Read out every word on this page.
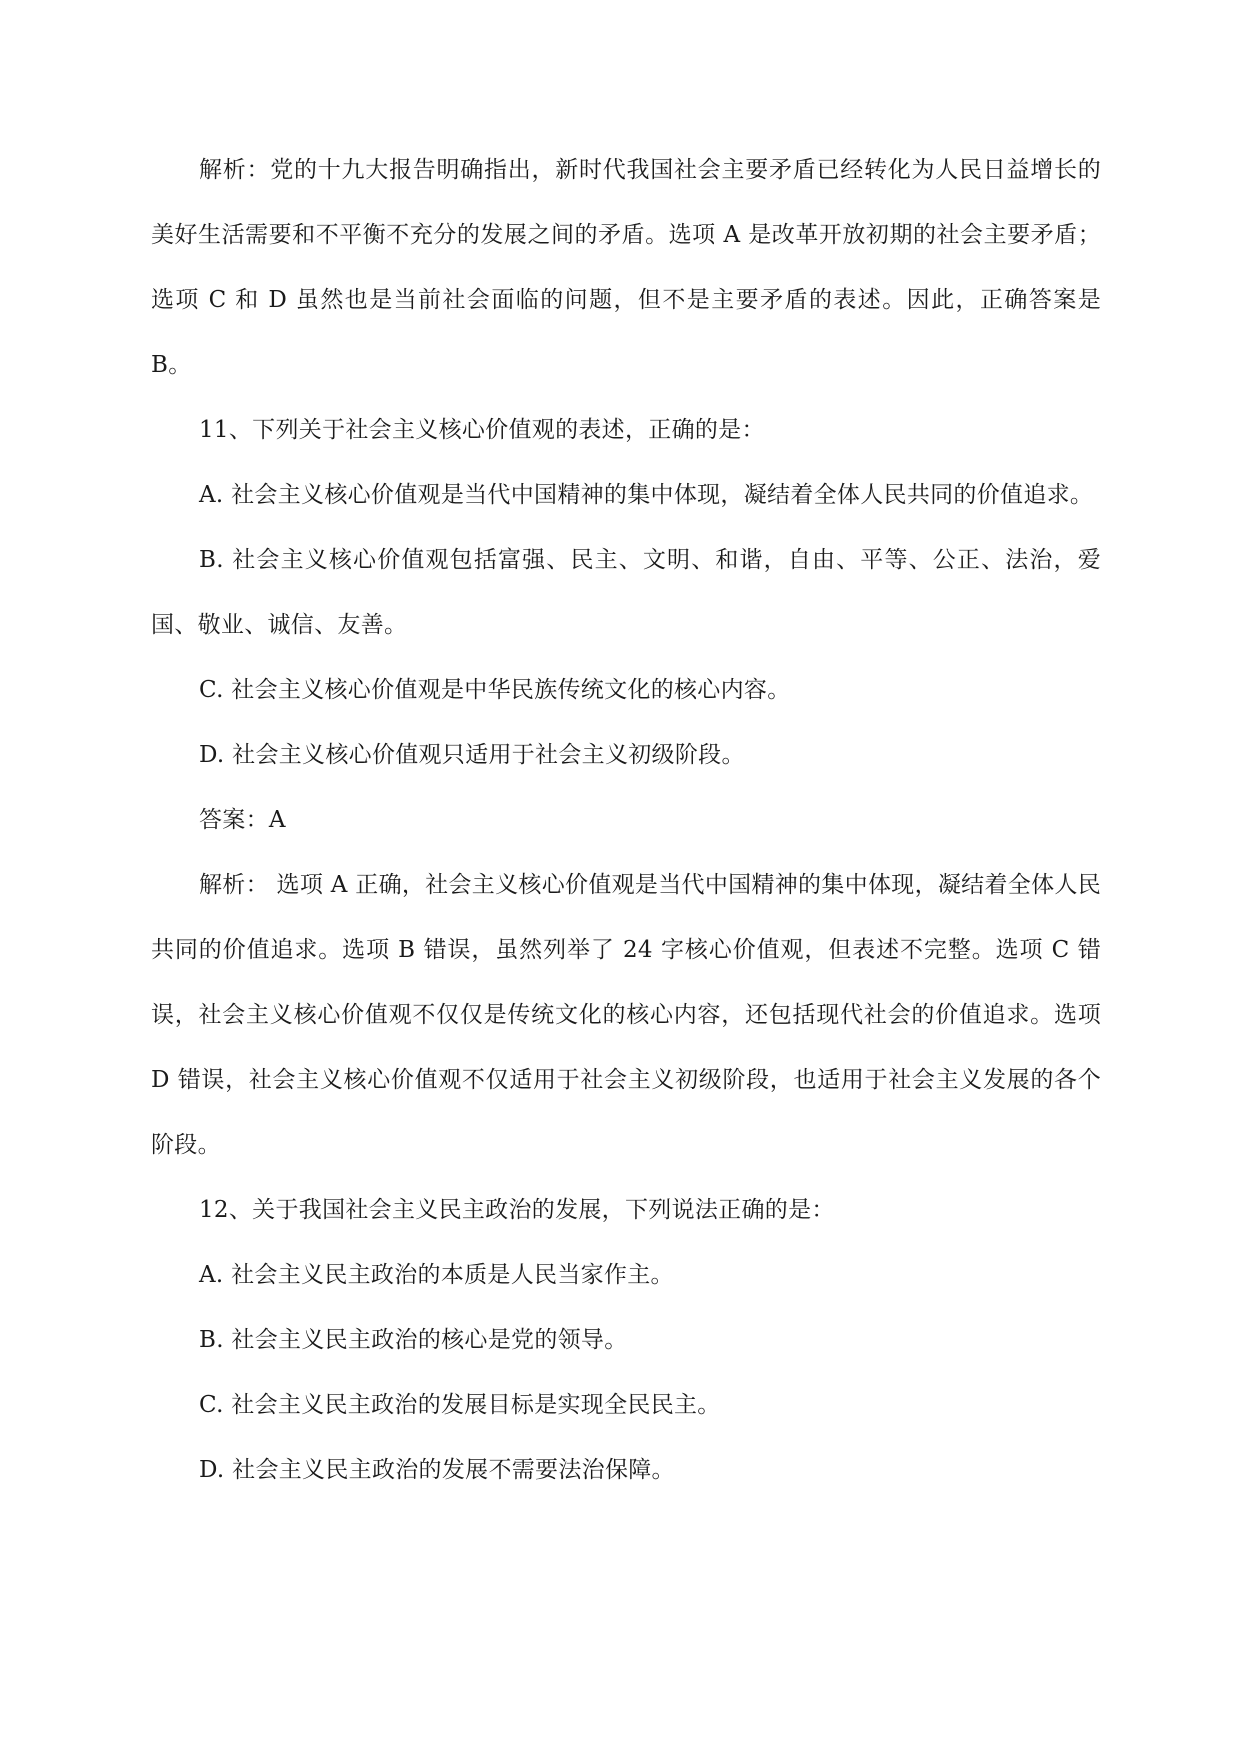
解析：党的十九大报告明确指出，新时代我国社会主要矛盾已经转化为人民日益增长的美好生活需要和不平衡不充分的发展之间的矛盾。选项 A 是改革开放初期的社会主要矛盾；选项 C 和 D 虽然也是当前社会面临的问题，但不是主要矛盾的表述。因此，正确答案是 B。

11、下列关于社会主义核心价值观的表述，正确的是：

A. 社会主义核心价值观是当代中国精神的集中体现，凝结着全体人民共同的价值追求。

B. 社会主义核心价值观包括富强、民主、文明、和谐，自由、平等、公正、法治，爱国、敬业、诚信、友善。

C. 社会主义核心价值观是中华民族传统文化的核心内容。

D. 社会主义核心价值观只适用于社会主义初级阶段。

答案：A

解析： 选项 A 正确，社会主义核心价值观是当代中国精神的集中体现，凝结着全体人民共同的价值追求。选项 B 错误，虽然列举了 24 字核心价值观，但表述不完整。选项 C 错误，社会主义核心价值观不仅仅是传统文化的核心内容，还包括现代社会的价值追求。选项 D 错误，社会主义核心价值观不仅适用于社会主义初级阶段，也适用于社会主义发展的各个阶段。

12、关于我国社会主义民主政治的发展，下列说法正确的是：

A. 社会主义民主政治的本质是人民当家作主。

B. 社会主义民主政治的核心是党的领导。

C. 社会主义民主政治的发展目标是实现全民民主。

D. 社会主义民主政治的发展不需要法治保障。
